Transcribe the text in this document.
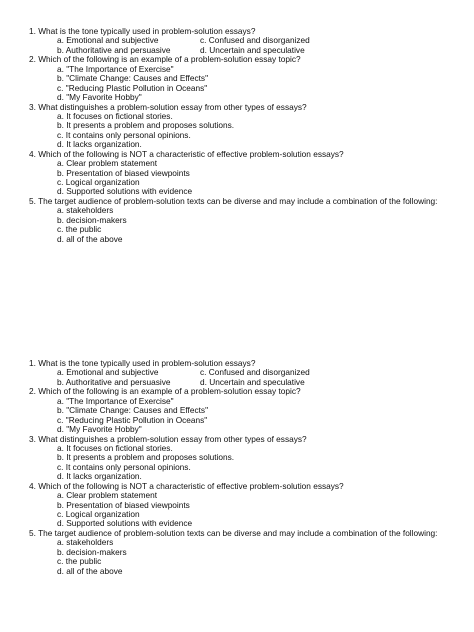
1. What is the tone typically used in problem-solution essays?
a. Emotional and subjective	c. Confused and disorganized
b. Authoritative and persuasive	d. Uncertain and speculative
2. Which of the following is an example of a problem-solution essay topic?
a. "The Importance of Exercise"
b. "Climate Change: Causes and Effects"
c. "Reducing Plastic Pollution in Oceans"
d. "My Favorite Hobby"
3. What distinguishes a problem-solution essay from other types of essays?
a. It focuses on fictional stories.
b. It presents a problem and proposes solutions.
c. It contains only personal opinions.
d. It lacks organization.
4. Which of the following is NOT a characteristic of effective problem-solution essays?
a. Clear problem statement
b. Presentation of biased viewpoints
c. Logical organization
d. Supported solutions with evidence
5. The target audience of problem-solution texts can be diverse and may include a combination of the following:
a. stakeholders
b. decision-makers
c. the public
d. all of the above
1. What is the tone typically used in problem-solution essays?
a. Emotional and subjective	c. Confused and disorganized
b. Authoritative and persuasive	d. Uncertain and speculative
2. Which of the following is an example of a problem-solution essay topic?
a. "The Importance of Exercise"
b. "Climate Change: Causes and Effects"
c. "Reducing Plastic Pollution in Oceans"
d. "My Favorite Hobby"
3. What distinguishes a problem-solution essay from other types of essays?
a. It focuses on fictional stories.
b. It presents a problem and proposes solutions.
c. It contains only personal opinions.
d. It lacks organization.
4. Which of the following is NOT a characteristic of effective problem-solution essays?
a. Clear problem statement
b. Presentation of biased viewpoints
c. Logical organization
d. Supported solutions with evidence
5. The target audience of problem-solution texts can be diverse and may include a combination of the following:
a. stakeholders
b. decision-makers
c. the public
d. all of the above
